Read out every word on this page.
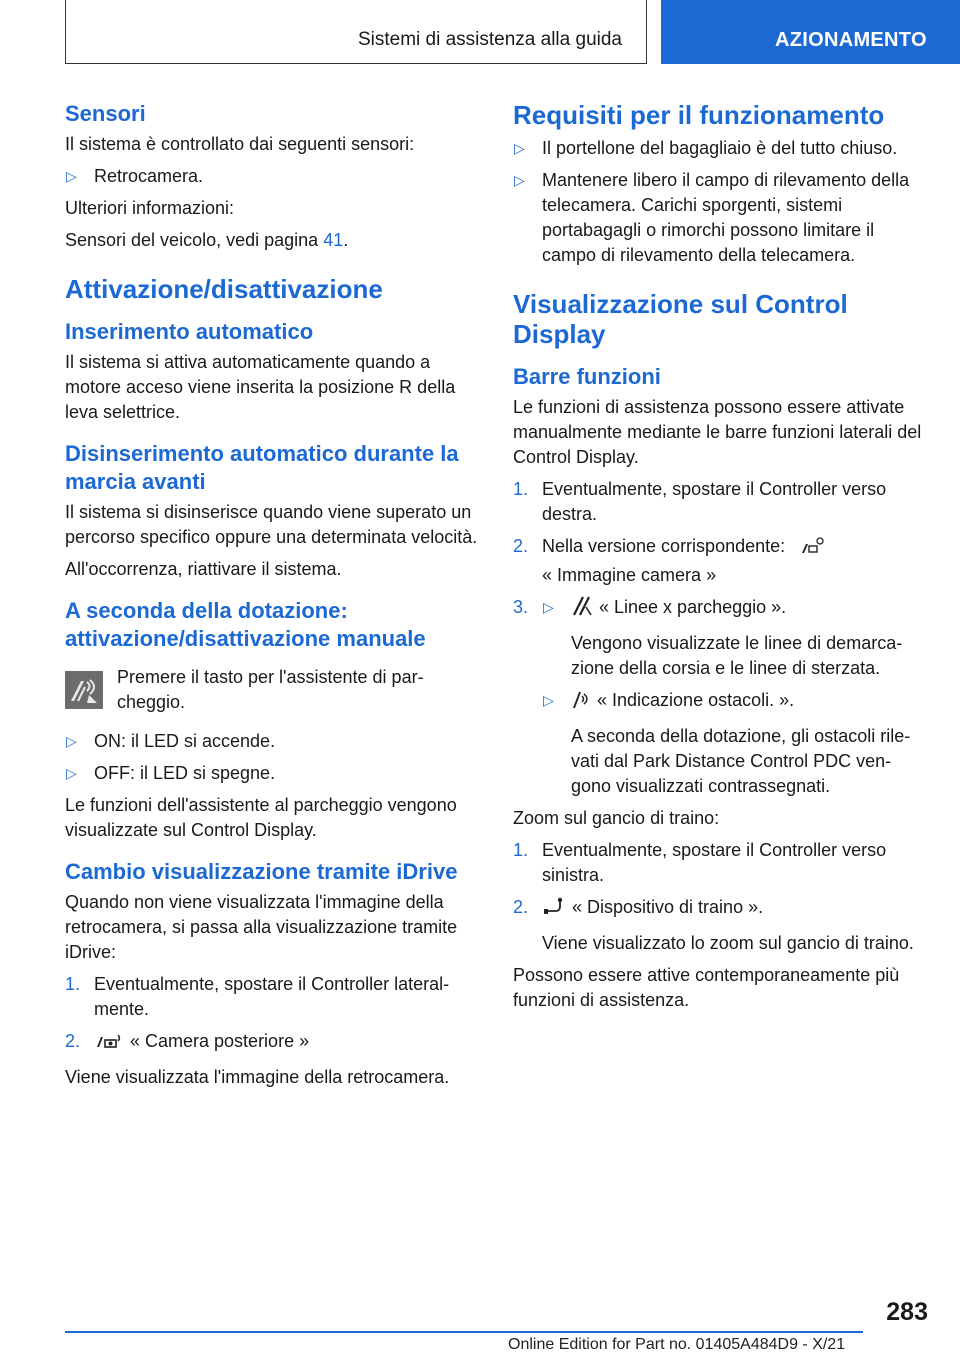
Sistemi di assistenza alla guida	AZIONAMENTO
Sensori
Il sistema è controllato dai seguenti sensori:
▷ Retrocamera.
Ulteriori informazioni:
Sensori del veicolo, vedi pagina 41.
Attivazione/disattivazione
Inserimento automatico
Il sistema si attiva automaticamente quando a motore acceso viene inserita la posizione R della leva selettrice.
Disinserimento automatico durante la marcia avanti
Il sistema si disinserisce quando viene superato un percorso specifico oppure una determinata velocità.
All'occorrenza, riattivare il sistema.
A seconda della dotazione: attivazione/disattivazione manuale
Premere il tasto per l'assistente di par‐ cheggio.
▷ ON: il LED si accende.
▷ OFF: il LED si spegne.
Le funzioni dell'assistente al parcheggio vengono visualizzate sul Control Display.
Cambio visualizzazione tramite iDrive
Quando non viene visualizzata l'immagine della retrocamera, si passa alla visualizzazione tramite iDrive:
1. Eventualmente, spostare il Controller lateral‐ mente.
2.	« Camera posteriore »
Viene visualizzata l'immagine della retrocamera.
Requisiti per il funzionamento
▷ Il portellone del bagagliaio è del tutto chiuso.
▷ Mantenere libero il campo di rilevamento della telecamera. Carichi sporgenti, sistemi portabagagli o rimorchi possono limitare il campo di rilevamento della telecamera.
Visualizzazione sul Control Display
Barre funzioni
Le funzioni di assistenza possono essere attivate manualmente mediante le barre funzioni laterali del Control Display.
1. Eventualmente, spostare il Controller verso destra.
2. Nella versione corrispondente:
« Immagine camera »
3. ▷	« Linee x parcheggio ».
Vengono visualizzate le linee di demarca‐ zione della corsia e le linee di sterzata.
▷ « Indicazione ostacoli. ».
A seconda della dotazione, gli ostacoli rile‐ vati dal Park Distance Control PDC ven‐ gono visualizzati contrassegnati.
Zoom sul gancio di traino:
1. Eventualmente, spostare il Controller verso sinistra.
2. « Dispositivo di traino ».
Viene visualizzato lo zoom sul gancio di traino.
Possono essere attive contemporaneamente più funzioni di assistenza.
283
Online Edition for Part no. 01405A484D9 - X/21
